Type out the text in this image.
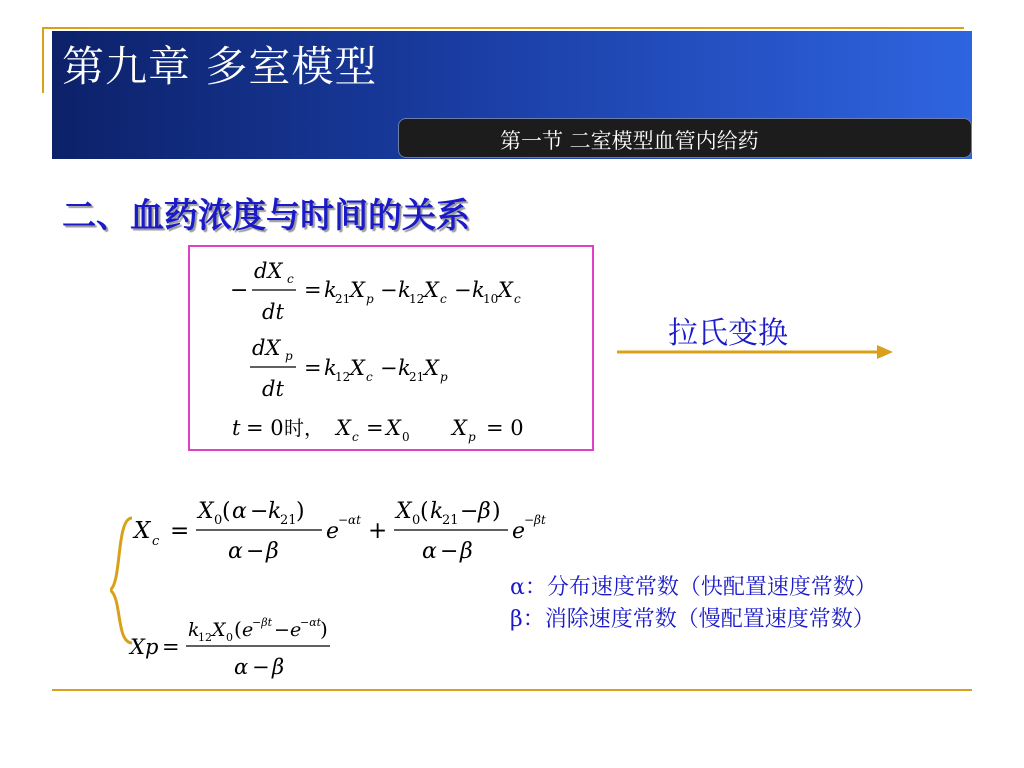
第九章 多室模型
第一节 二室模型血管内给药
二、血药浓度与时间的关系
−
dX c
dt
= k
21 X p − k
12 X c − k
10 X c
dX p
dt
= k
12 X c − k
21 X p
t = 0 时， X c = X 0 X p = 0
拉氏变换
X c =
X 0 ( α − k
21 )
α − β
e
−αt +
X 0 ( k
21 − β )
α − β
e
−βt
Xp =
k
12 X 0 ( e
−βt − e
−αt
)
α − β
α：分布速度常数（快配置速度常数）
β：消除速度常数（慢配置速度常数）
